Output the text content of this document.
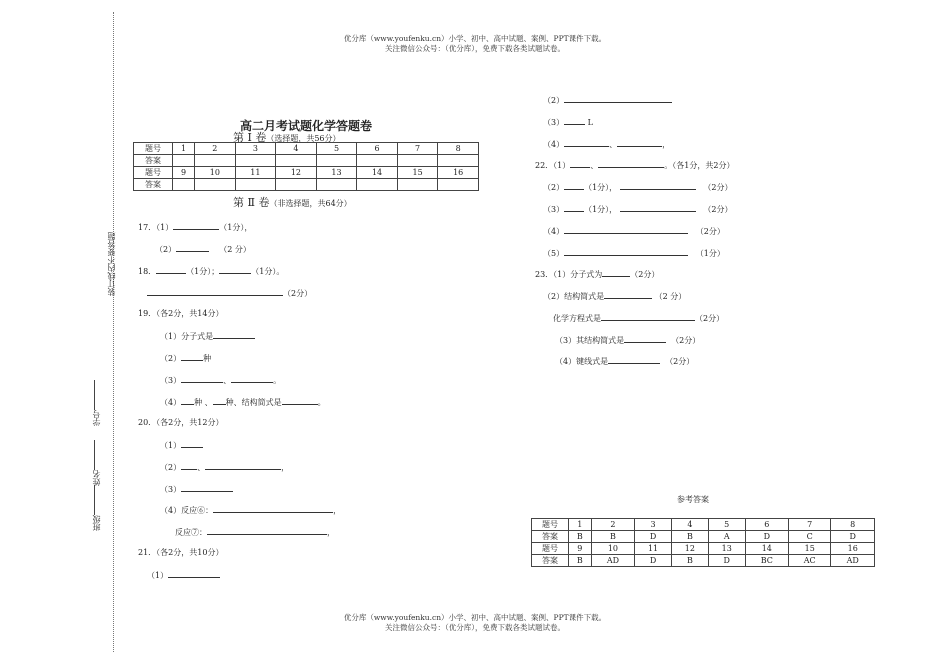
优分库（www.youfenku.cn）小学、初中、高中试题、案例、PPT课件下载。
关注微信公众号：（优分库），免费下载各类试题试卷。
装订线内不要答题
学号
姓名
班级
高二月考试题化学答题卷
第 Ⅰ 卷（选择题，共56分）
题号	1	2	3	4	5	6	7	8
答案								
题号	9	10	11	12	13	14	15	16
答案								
第 Ⅱ 卷（非选择题，共64分）
17．（1）	（1分），
（2）	（2 分）
18．	（1分）；	（1分）。
（2分）
19．（各2分，共14分）
（1）分子式是
（2）	种
（3）	、	。
（4） 种 、 种、结构简式是	。
20．（各2分，共12分）
（1）
（2） 、	，
（3）
（4）反应⑥：	，
反应⑦：	，
21．（各2分，共10分）
（1）
（2）
（3）	L
（4）	、	，
22．（1）	、	。（各1分，共2分）
（2）	（1分），	（2分）
（3）	（1分），	（2分）
（4）	（2分）
（5）	（1分）
23．（1）分子式为	（2分）
（2）结构简式是	（2 分）
化学方程式是	（2分）
（3）其结构简式是	（2分）
（4）键线式是	（2分）
参考答案
题号	1	2	3	4	5	6	7	8
答案	B	B	D	B	A	D	C	D
题号	9	10	11	12	13	14	15	16
答案	B	AD	D	B	D	BC	AC	AD
优分库（www.youfenku.cn）小学、初中、高中试题、案例、PPT课件下载。
关注微信公众号：（优分库），免费下载各类试题试卷。
